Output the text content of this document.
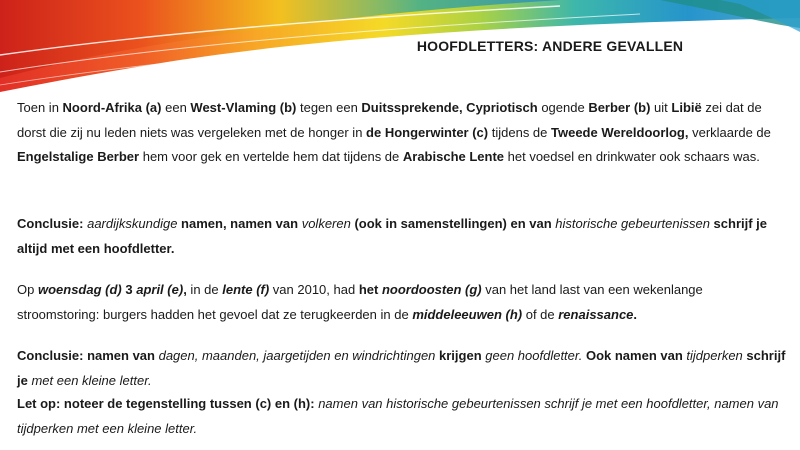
HOOFDLETTERS: ANDERE GEVALLEN
Toen in Noord-Afrika (a) een West-Vlaming (b) tegen een Duitssprekende, Cypriotisch ogende Berber (b) uit Libië zei dat de dorst die zij nu leden niets was vergeleken met de honger in de Hongerwinter (c) tijdens de Tweede Wereldoorlog, verklaarde de Engelstalige Berber hem voor gek en vertelde hem dat tijdens de Arabische Lente het voedsel en drinkwater ook schaars was.
Conclusie: aardijkskundige namen, namen van volkeren (ook in samenstellingen) en van historische gebeurtenissen schrijf je altijd met een hoofdletter.
Op woensdag (d) 3 april (e), in de lente (f) van 2010, had het noordoosten (g) van het land last van een wekenlange stroomstoring: burgers hadden het gevoel dat ze terugkeerden in de middeleeuwen (h) of de renaissance.
Conclusie: namen van dagen, maanden, jaargetijden en windrichtingen krijgen geen hoofdletter. Ook namen van tijdperken schrijf je met een kleine letter.
Let op: noteer de tegenstelling tussen (c) en (h): namen van historische gebeurtenissen schrijf je met een hoofdletter, namen van tijdperken met een kleine letter.
